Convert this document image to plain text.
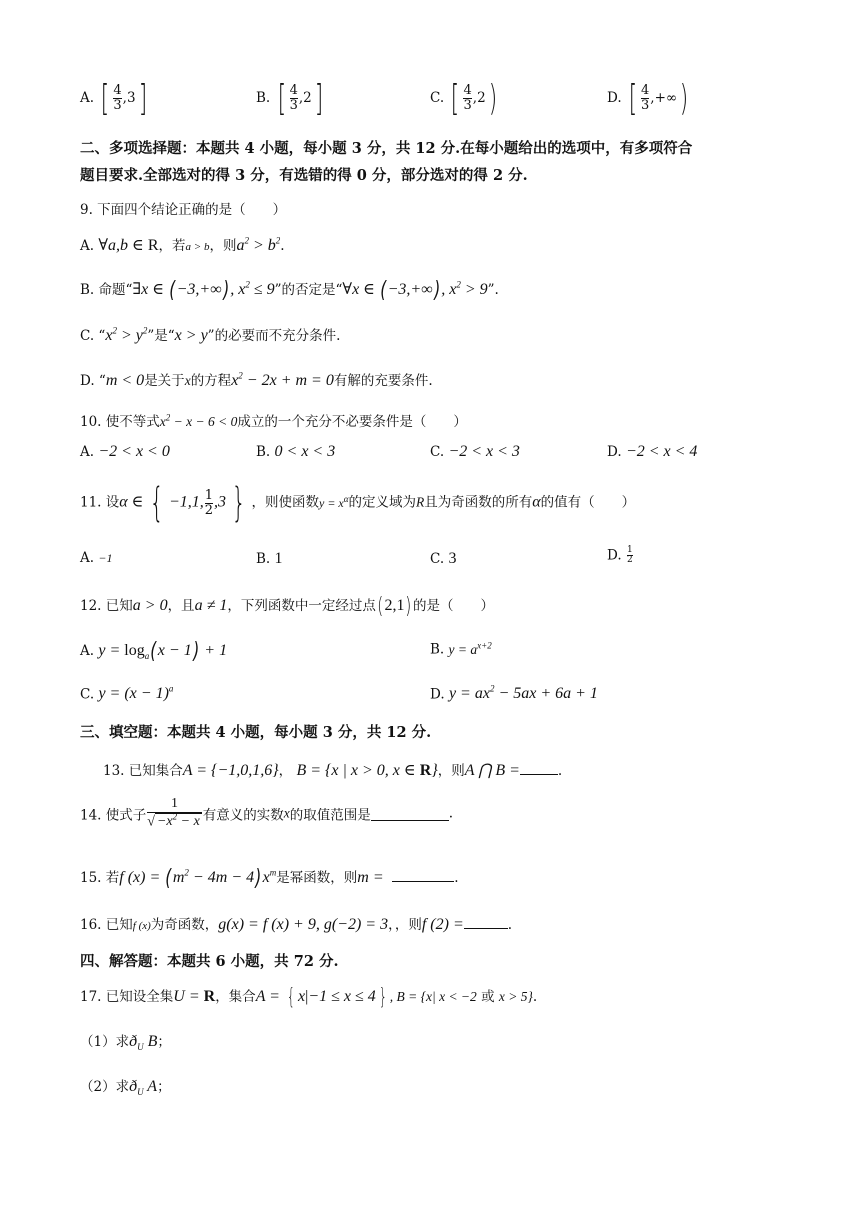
A. [ $\frac{4}{3} ,3$]	B. [ $\frac{4}{3} ,2$]	C. [ $\frac{4}{3} ,2$)	D. [ $\frac{4}{3}$ ,+∞)
二、多项选择题：本题共 4 小题，每小题 3 分，共 12 分.在每小题给出的选项中，有多项符合
题目要求.全部选对的得 3 分，有选错的得 0 分，部分选对的得 2 分.
9. 下面四个结论正确的是（　　）
A. ∀a,b ∈ R，若a > b，则$a^2 > b^2$.
B. 命题“∃x ∈ (−3,+∞), $x^2 \le 9$”的否定是“∀x ∈ (−3,+∞), $x^2 > 9$”.
C. “$x^2 > y^2$”是“x > y”的必要而不充分条件.
D. “m < 0是关于x的方程$x^2 - 2x + m = 0$有解的充要条件.
10. 使不等式$x^2 - x - 6 < 0$成立的一个充分不必要条件是（　　）
A. −2 < x < 0	B. 0 < x < 3	C. −2 < x < 3	D. −2 < x < 4
11. 设α ∈ { −1,1, $\frac{1}{2} ,3$ } ，则使函数$y = x^\alpha$的定义域为R且为奇函数的所有α的值有（　　）
A. −1	B. 1	C. 3	D. $\frac{1}{2}$
12. 已知a > 0，且a ≠ 1，下列函数中一定经过点(2,1)的是（　　）
A. $y = \log_a(x - 1) + 1$	B. $y = a^{x+2}$
C. $y = (x - 1)^a$	D. $y = ax^2 - 5ax + 6a + 1$
三、填空题：本题共 4 小题，每小题 3 分，共 12 分.
13. 已知集合A = {−1,0,1,6}， B = {x | x > 0, x ∈ R}，则A ⋂ B =	.
14. 使式子 $\frac{1}{√ -x^2 - x}$ 有意义的实数x的取值范围是	.
15. 若f $(x) = (m^2 - 4m - 4)x^m$是幂函数，则m =	.
16. 已知f (x)为奇函数，g(x) = f (x) + 9, g(−2) = 3，，则f (2) =	.
四、解答题：本题共 6 小题，共 72 分.
17. 已知设全集U = R，集合A = { x|−1 ≤ x ≤ 4 } , B = {x| x < −2 或 x > 5}.
（1）求$ð_U$ B；
（2）求$ð_U$ A；
